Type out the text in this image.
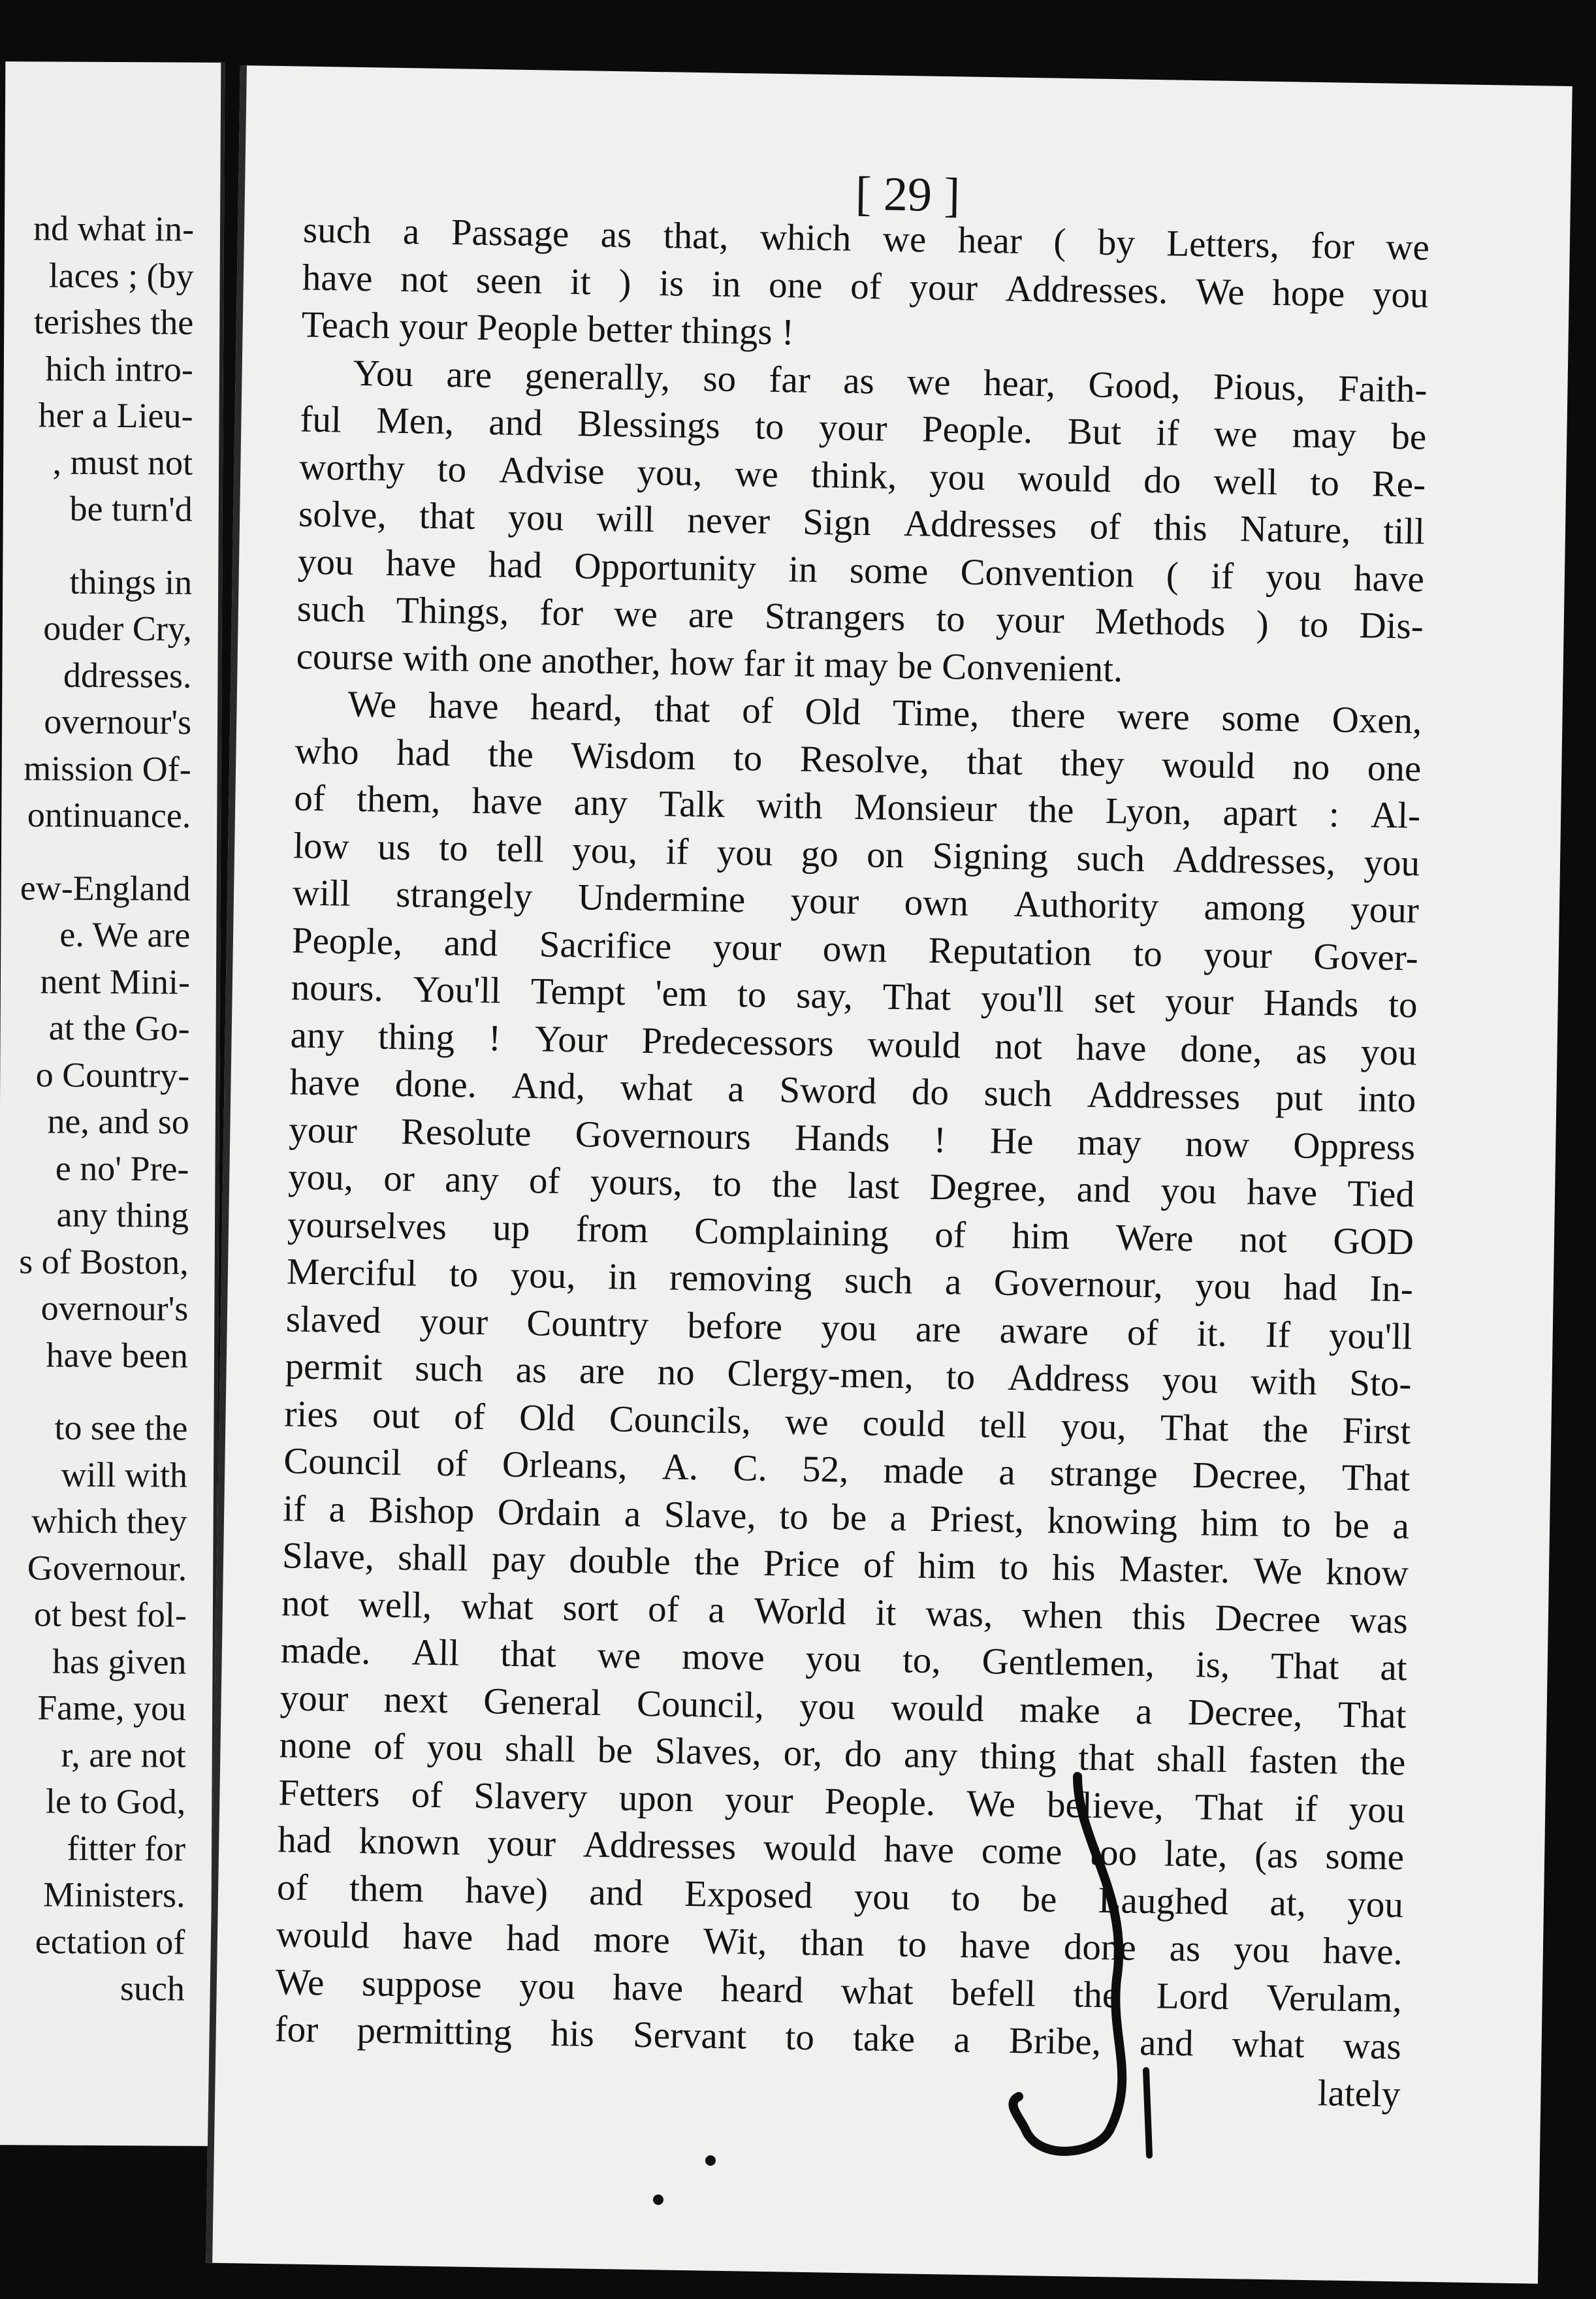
nd what in-
laces ; (by
terishes the
hich intro-
her a Lieu-
, must not
be turn'd
things in
ouder Cry,
ddresses.
overnour's
mission Of-
ontinuance.
ew-England
e. We are
nent Mini-
at the Go-
o Country-
ne, and so
e no' Pre-
any thing
s of Boston,
overnour's
have been
to see the
will with
which they
Governour.
ot best fol-
has given
Fame, you
r, are not
le to God,
fitter for
Ministers.
ectation of
such
[ 29 ]
such a Passage as that, which we hear ( by Letters, for we
have not seen it ) is in one of your Addresses. We hope you
Teach your People better things !
You are generally, so far as we hear, Good, Pious, Faith-
ful Men, and Blessings to your People. But if we may be
worthy to Advise you, we think, you would do well to Re-
solve, that you will never Sign Addresses of this Nature, till
you have had Opportunity in some Convention ( if you have
such Things, for we are Strangers to your Methods ) to Dis-
course with one another, how far it may be Convenient.
We have heard, that of Old Time, there were some Oxen,
who had the Wisdom to Resolve, that they would no one
of them, have any Talk with Monsieur the Lyon, apart : Al-
low us to tell you, if you go on Signing such Addresses, you
will strangely Undermine your own Authority among your
People, and Sacrifice your own Reputation to your Gover-
nours. You'll Tempt 'em to say, That you'll set your Hands to
any thing ! Your Predecessors would not have done, as you
have done. And, what a Sword do such Addresses put into
your Resolute Governours Hands ! He may now Oppress
you, or any of yours, to the last Degree, and you have Tied
yourselves up from Complaining of him Were not GOD
Merciful to you, in removing such a Governour, you had In-
slaved your Country before you are aware of it. If you'll
permit such as are no Clergy-men, to Address you with Sto-
ries out of Old Councils, we could tell you, That the First
Council of Orleans, A. C. 52, made a strange Decree, That
if a Bishop Ordain a Slave, to be a Priest, knowing him to be a
Slave, shall pay double the Price of him to his Master. We know
not well, what sort of a World it was, when this Decree was
made. All that we move you to, Gentlemen, is, That at
your next General Council, you would make a Decree, That
none of you shall be Slaves, or, do any thing that shall fasten the
Fetters of Slavery upon your People. We believe, That if you
had known your Addresses would have come too late, (as some
of them have) and Exposed you to be Laughed at, you
would have had more Wit, than to have done as you have.
We suppose you have heard what befell the Lord Verulam,
for permitting his Servant to take a Bribe, and what was
lately
